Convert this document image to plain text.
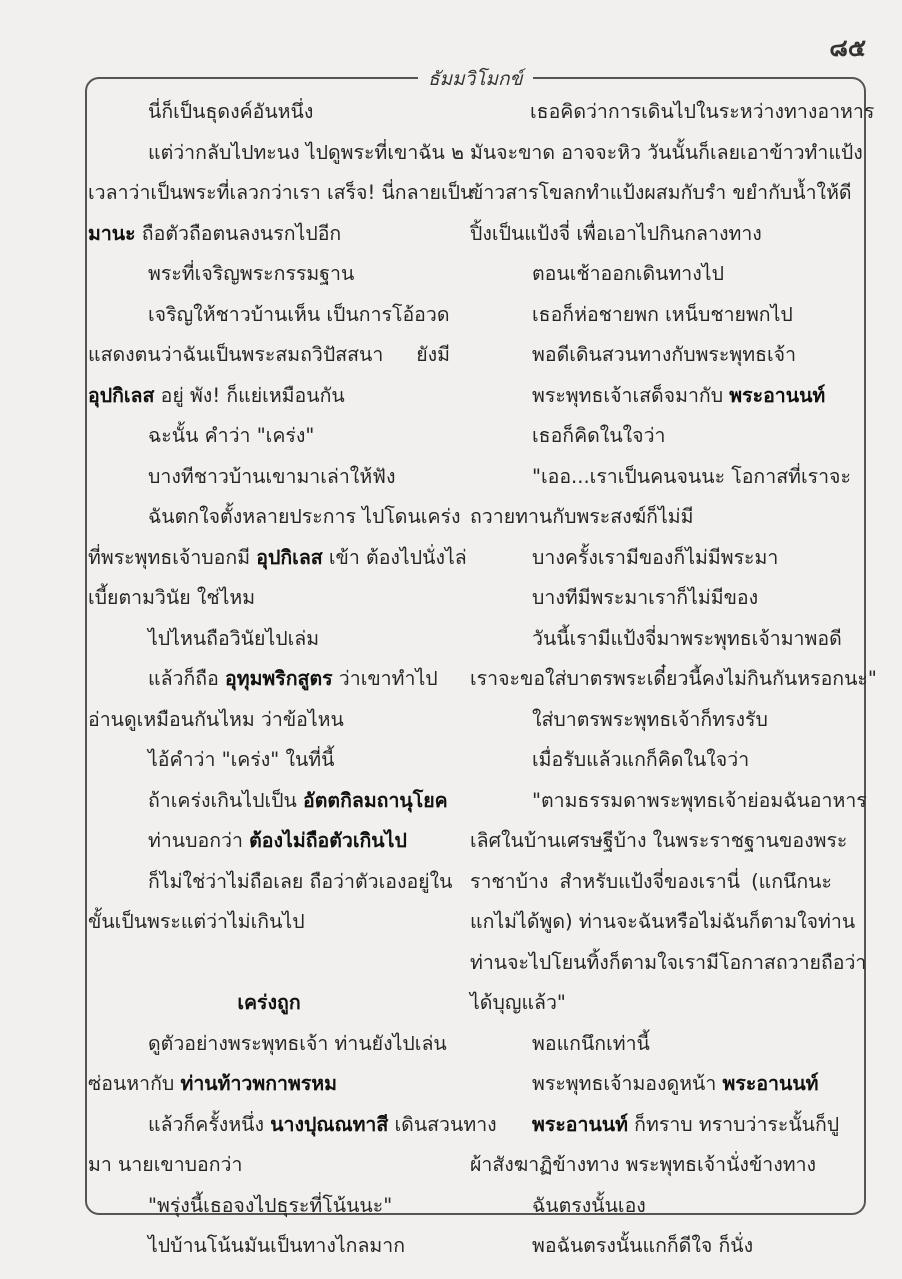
๘๕
ธัมมวิโมกข์
นี่ก็เป็นธุดงค์อันหนึ่ง
แต่ว่ากลับไปทะนง ไปดูพระที่เขาฉัน ๒
เวลาว่าเป็นพระที่เลวกว่าเรา เสร็จ! นี่กลายเป็น
มานะ ถือตัวถือตนลงนรกไปอีก
พระที่เจริญพระกรรมฐาน
เจริญให้ชาวบ้านเห็น เป็นการโอ้อวด
แสดงตนว่าฉันเป็นพระสมถวิปัสสนา ยังมี
อุปกิเลส อยู่ พัง! ก็แย่เหมือนกัน
ฉะนั้น คำว่า "เคร่ง"
บางทีชาวบ้านเขามาเล่าให้ฟัง
ฉันตกใจตั้งหลายประการ ไปโดนเคร่ง
ที่พระพุทธเจ้าบอกมี อุปกิเลส เข้า ต้องไปนั่งไล่
เบี้ยตามวินัย ใช่ไหม
ไปไหนถือวินัยไปเล่ม
แล้วก็ถือ อุทุมพริกสูตร ว่าเขาทำไป
อ่านดูเหมือนกันไหม ว่าข้อไหน
ไอ้คำว่า "เคร่ง" ในที่นี้
ถ้าเคร่งเกินไปเป็น อัตตกิลมถานุโยค
ท่านบอกว่า ต้องไม่ถือตัวเกินไป
ก็ไม่ใช่ว่าไม่ถือเลย ถือว่าตัวเองอยู่ใน
ขั้นเป็นพระแต่ว่าไม่เกินไป
เคร่งถูก
ดูตัวอย่างพระพุทธเจ้า ท่านยังไปเล่น
ซ่อนหากับ ท่านท้าวพกาพรหม
แล้วก็ครั้งหนึ่ง นางปุณณทาสี เดินสวนทาง
มา นายเขาบอกว่า
"พรุ่งนี้เธอจงไปธุระที่โน้นนะ"
ไปบ้านโน้นมันเป็นทางไกลมาก
เธอคิดว่าการเดินไปในระหว่างทางอาหาร
มันจะขาด อาจจะหิว วันนั้นก็เลยเอาข้าวทำแป้ง
ข้าวสารโขลกทำแป้งผสมกับรำ ขยำกับน้ำให้ดี
ปิ้งเป็นแป้งจี่ เพื่อเอาไปกินกลางทาง
ตอนเช้าออกเดินทางไป
เธอก็ห่อชายพก เหน็บชายพกไป
พอดีเดินสวนทางกับพระพุทธเจ้า
พระพุทธเจ้าเสด็จมากับ พระอานนท์
เธอก็คิดในใจว่า
"เออ...เราเป็นคนจนนะ โอกาสที่เราจะ
ถวายทานกับพระสงฆ์ก็ไม่มี
บางครั้งเรามีของก็ไม่มีพระมา
บางทีมีพระมาเราก็ไม่มีของ
วันนี้เรามีแป้งจี่มาพระพุทธเจ้ามาพอดี
เราจะขอใส่บาตรพระเดี๋ยวนี้คงไม่กินกันหรอกนะ"
ใส่บาตรพระพุทธเจ้าก็ทรงรับ
เมื่อรับแล้วแกก็คิดในใจว่า
"ตามธรรมดาพระพุทธเจ้าย่อมฉันอาหาร
เลิศในบ้านเศรษฐีบ้าง ในพระราชฐานของพระ
ราชาบ้าง สำหรับแป้งจี่ของเรานี่ (แกนึกนะ
แกไม่ได้พูด) ท่านจะฉันหรือไม่ฉันก็ตามใจท่าน
ท่านจะไปโยนทิ้งก็ตามใจเรามีโอกาสถวายถือว่า
ได้บุญแล้ว"
พอแกนึกเท่านี้
พระพุทธเจ้ามองดูหน้า พระอานนท์
พระอานนท์ ก็ทราบ ทราบว่าระนั้นก็ปู
ผ้าสังฆาฏิข้างทาง พระพุทธเจ้านั่งข้างทาง
ฉันตรงนั้นเอง
พอฉันตรงนั้นแกก็ดีใจ ก็นั่ง
